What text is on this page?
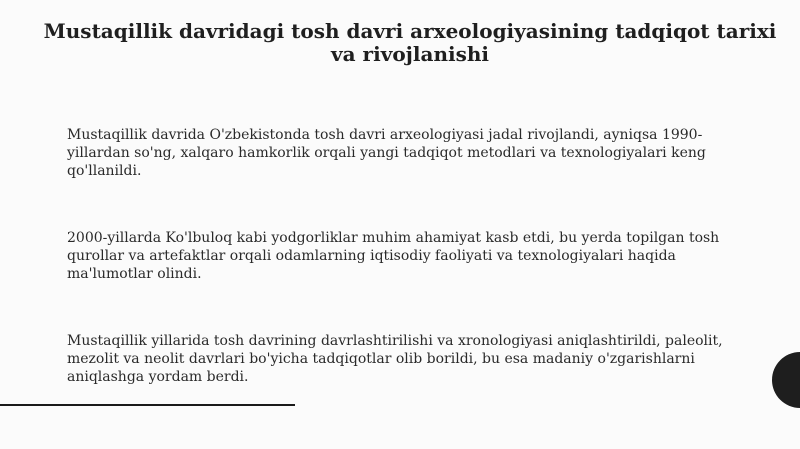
Mustaqillik davridagi tosh davri arxeologiyasining tadqiqot tarixi va rivojlanishi

Mustaqillik davrida O'zbekistonda tosh davri arxeologiyasi jadal rivojlandi, ayniqsa 1990-yillardan so'ng, xalqaro hamkorlik orqali yangi tadqiqot metodlari va texnologiyalari keng qo'llanildi.

2000-yillarda Ko'lbuloq kabi yodgorliklar muhim ahamiyat kasb etdi, bu yerda topilgan tosh qurollar va artefaktlar orqali odamlarning iqtisodiy faoliyati va texnologiyalari haqida ma'lumotlar olindi.

Mustaqillik yillarida tosh davrining davrlashtirilishi va xronologiyasi aniqlashtirildi, paleolit, mezolit va neolit davrlari bo'yicha tadqiqotlar olib borildi, bu esa madaniy o'zgarishlarni aniqlashga yordam berdi.
